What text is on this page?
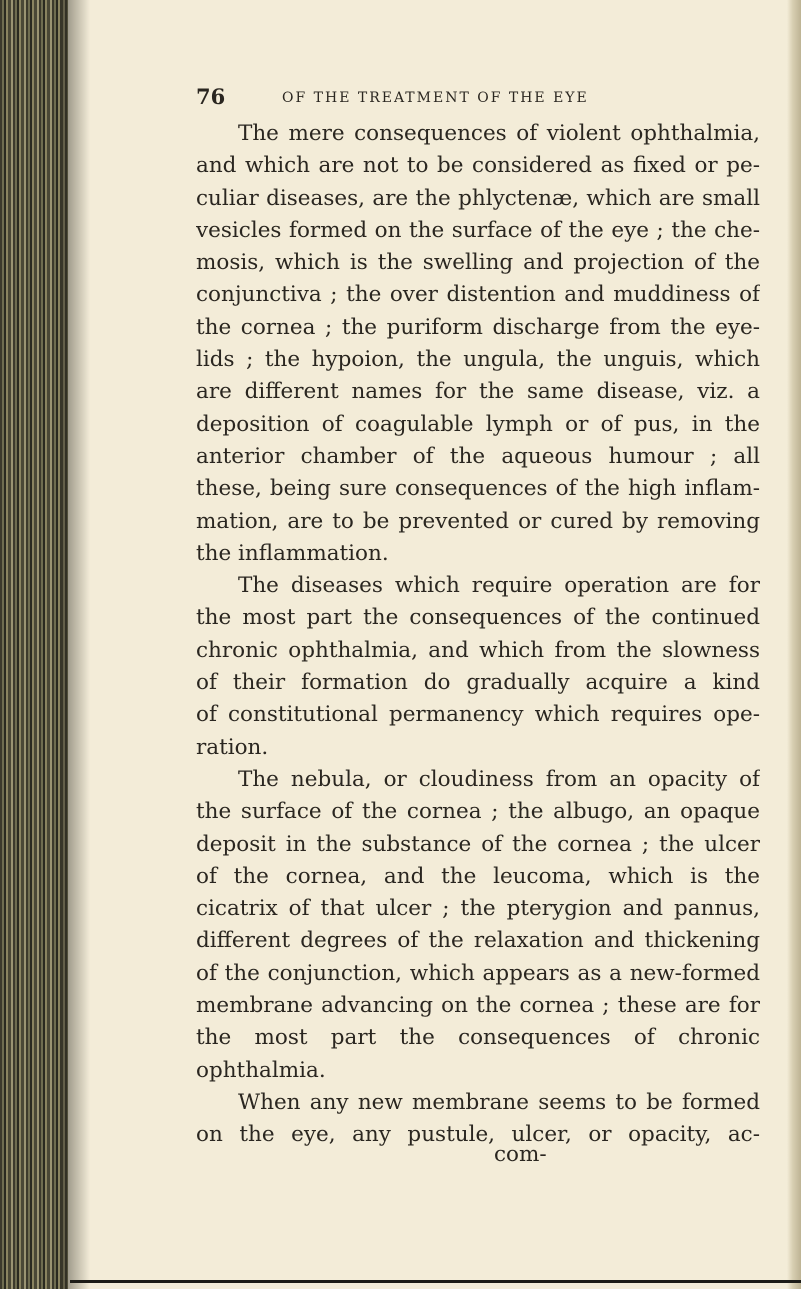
76	OF THE TREATMENT OF THE EYE
The mere consequences of violent ophthalmia,
and which are not to be considered as fixed or pe-
culiar diseases, are the phlyctenæ, which are small
vesicles formed on the surface of the eye ; the che-
mosis, which is the swelling and projection of the
conjunctiva ; the over distention and muddiness of
the cornea ; the puriform discharge from the eye-
lids ; the hypoion, the ungula, the unguis, which
are different names for the same disease, viz. a
deposition of coagulable lymph or of pus, in the
anterior chamber of the aqueous humour ; all
these, being sure consequences of the high inflam-
mation, are to be prevented or cured by removing
the inflammation.
The diseases which require operation are for
the most part the consequences of the continued
chronic ophthalmia, and which from the slowness
of their formation do gradually acquire a kind
of constitutional permanency which requires ope-
ration.
The nebula, or cloudiness from an opacity of
the surface of the cornea ; the albugo, an opaque
deposit in the substance of the cornea ; the ulcer
of the cornea, and the leucoma, which is the
cicatrix of that ulcer ; the pterygion and pannus,
different degrees of the relaxation and thickening
of the conjunction, which appears as a new-formed
membrane advancing on the cornea ; these are for
the most part the consequences of chronic
ophthalmia.
When any new membrane seems to be formed
on the eye, any pustule, ulcer, or opacity, ac-
com-
